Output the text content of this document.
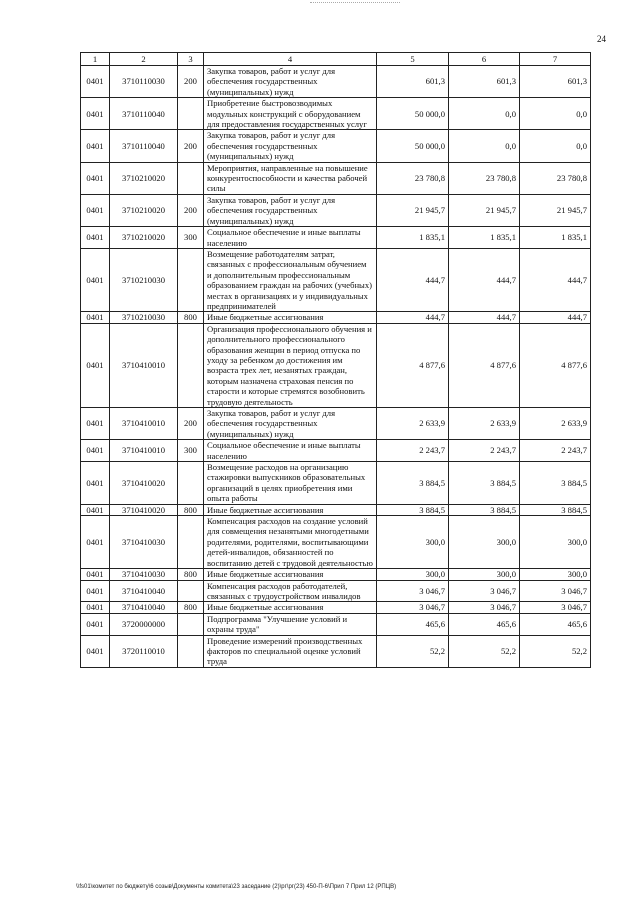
24
1	2	3	4	5	6	7
0401	3710110030	200	Закупка товаров, работ и услуг для обеспечения государственных (муниципальных) нужд	601,3	601,3	601,3
0401	3710110040		Приобретение быстровозводимых модульных конструкций с оборудованием для предоставления государственных услуг	50 000,0	0,0	0,0
0401	3710110040	200	Закупка товаров, работ и услуг для обеспечения государственных (муниципальных) нужд	50 000,0	0,0	0,0
0401	3710210020		Мероприятия, направленные на повышение конкурентоспособности и качества рабочей силы	23 780,8	23 780,8	23 780,8
0401	3710210020	200	Закупка товаров, работ и услуг для обеспечения государственных (муниципальных) нужд	21 945,7	21 945,7	21 945,7
0401	3710210020	300	Социальное обеспечение и иные выплаты населению	1 835,1	1 835,1	1 835,1
0401	3710210030		Возмещение работодателям затрат, связанных с профессиональным обучением и дополнительным профессиональным образованием граждан на рабочих (учебных) местах в организациях и у индивидуальных предпринимателей	444,7	444,7	444,7
0401	3710210030	800	Иные бюджетные ассигнования	444,7	444,7	444,7
0401	3710410010		Организация профессионального обучения и дополнительного профессионального образования женщин в период отпуска по уходу за ребенком до достижения им возраста трех лет, незанятых граждан, которым назначена страховая пенсия по старости и которые стремятся возобновить трудовую деятельность	4 877,6	4 877,6	4 877,6
0401	3710410010	200	Закупка товаров, работ и услуг для обеспечения государственных (муниципальных) нужд	2 633,9	2 633,9	2 633,9
0401	3710410010	300	Социальное обеспечение и иные выплаты населению	2 243,7	2 243,7	2 243,7
0401	3710410020		Возмещение расходов на организацию стажировки выпускников образовательных организаций в целях приобретения ими опыта работы	3 884,5	3 884,5	3 884,5
0401	3710410020	800	Иные бюджетные ассигнования	3 884,5	3 884,5	3 884,5
0401	3710410030		Компенсация расходов на создание условий для совмещения незанятыми многодетными родителями, родителями, воспитывающими детей-инвалидов, обязанностей по воспитанию детей с трудовой деятельностью	300,0	300,0	300,0
0401	3710410030	800	Иные бюджетные ассигнования	300,0	300,0	300,0
0401	3710410040		Компенсация расходов работодателей, связанных с трудоустройством инвалидов	3 046,7	3 046,7	3 046,7
0401	3710410040	800	Иные бюджетные ассигнования	3 046,7	3 046,7	3 046,7
0401	3720000000		Подпрограмма "Улучшение условий и охраны труда"	465,6	465,6	465,6
0401	3720110010		Проведение измерений производственных факторов по специальной оценке условий труда	52,2	52,2	52,2
\\fs01\комитет по бюджету\6 созыв\Документы комитета\23 заседание (2)\рг\рг(23) 450-П-6\Прил 7 Прил 12 (РПЦВ)
